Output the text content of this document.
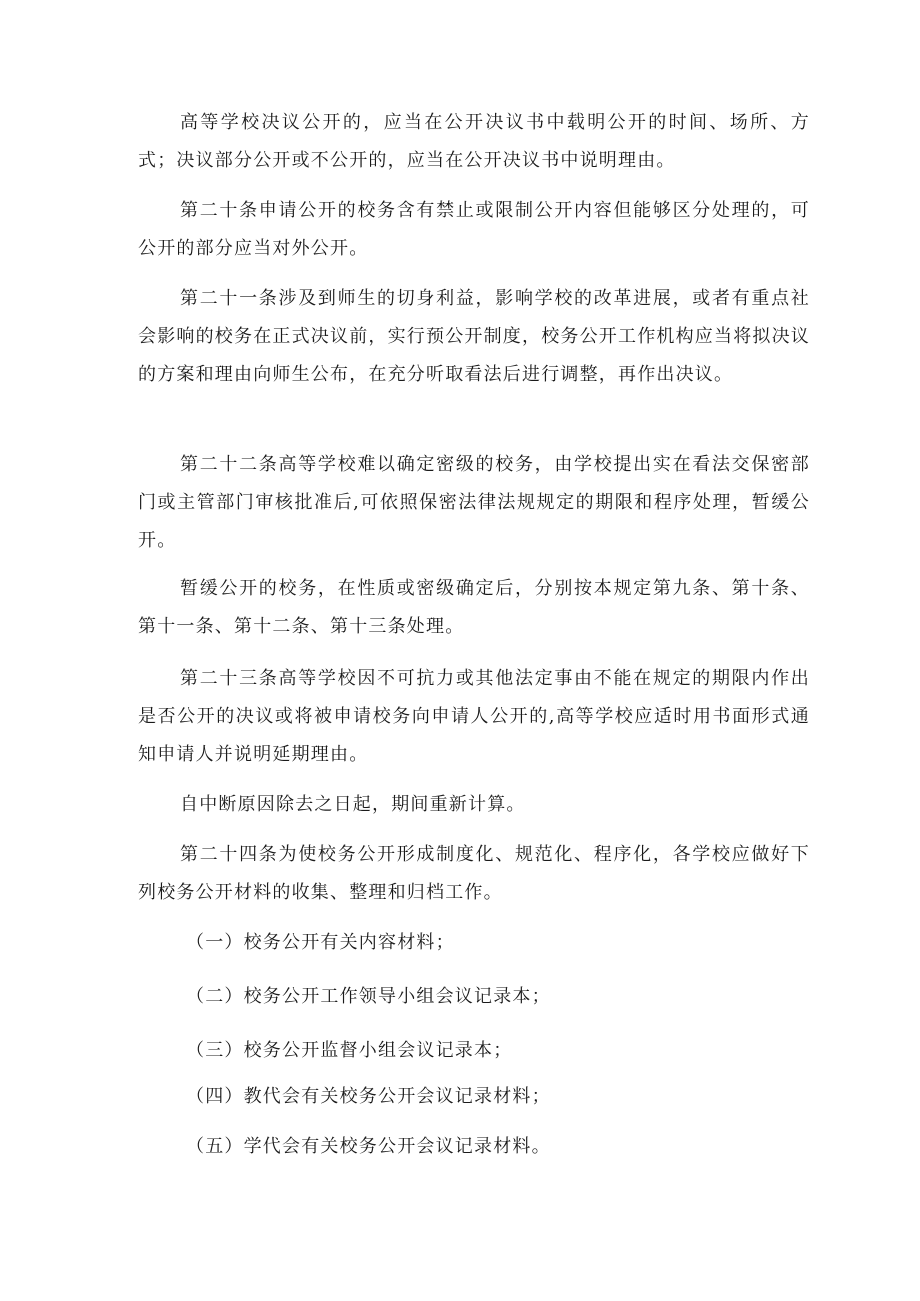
高等学校决议公开的，应当在公开决议书中载明公开的时间、场所、方式；决议部分公开或不公开的，应当在公开决议书中说明理由。

第二十条申请公开的校务含有禁止或限制公开内容但能够区分处理的，可公开的部分应当对外公开。

第二十一条涉及到师生的切身利益，影响学校的改革进展，或者有重点社会影响的校务在正式决议前，实行预公开制度，校务公开工作机构应当将拟决议的方案和理由向师生公布，在充分听取看法后进行调整，再作出决议。

第二十二条高等学校难以确定密级的校务，由学校提出实在看法交保密部门或主管部门审核批准后,可依照保密法律法规规定的期限和程序处理，暂缓公开。

暂缓公开的校务，在性质或密级确定后，分别按本规定第九条、第十条、第十一条、第十二条、第十三条处理。

第二十三条高等学校因不可抗力或其他法定事由不能在规定的期限内作出是否公开的决议或将被申请校务向申请人公开的,高等学校应适时用书面形式通知申请人并说明延期理由。

自中断原因除去之日起，期间重新计算。

第二十四条为使校务公开形成制度化、规范化、程序化，各学校应做好下列校务公开材料的收集、整理和归档工作。

（一）校务公开有关内容材料；

（二）校务公开工作领导小组会议记录本；

（三）校务公开监督小组会议记录本；

（四）教代会有关校务公开会议记录材料；

（五）学代会有关校务公开会议记录材料。
